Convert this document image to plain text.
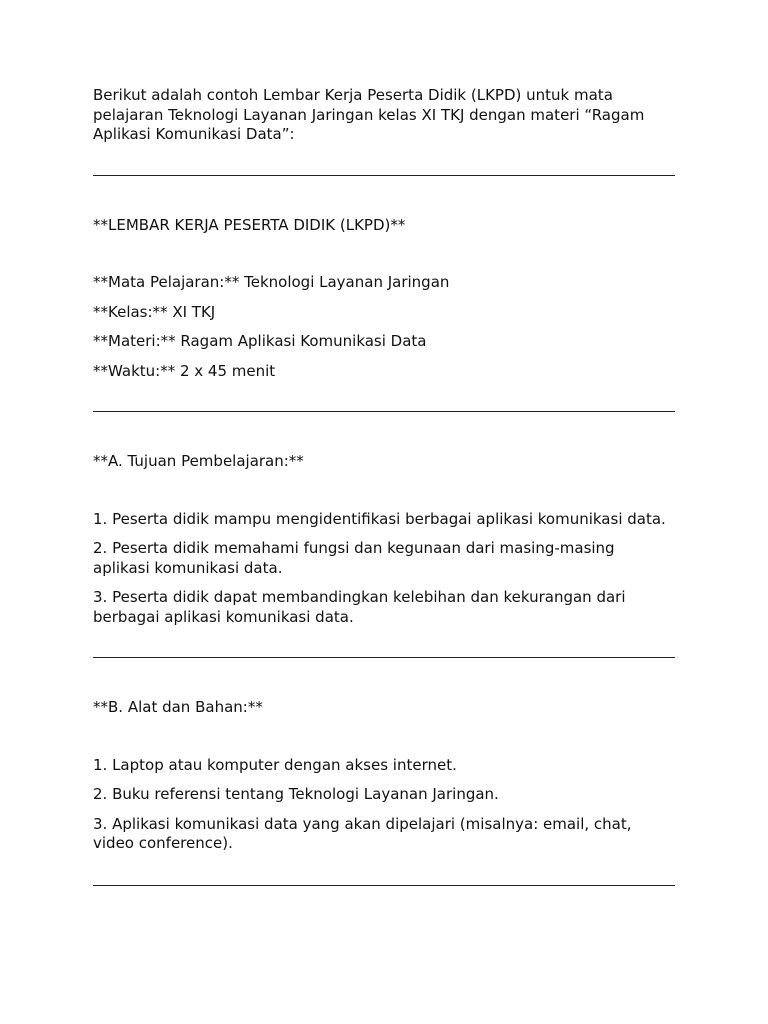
Berikut adalah contoh Lembar Kerja Peserta Didik (LKPD) untuk mata pelajaran Teknologi Layanan Jaringan kelas XI TKJ dengan materi “Ragam Aplikasi Komunikasi Data”:

**LEMBAR KERJA PESERTA DIDIK (LKPD)**

**Mata Pelajaran:** Teknologi Layanan Jaringan

**Kelas:** XI TKJ

**Materi:** Ragam Aplikasi Komunikasi Data

**Waktu:** 2 x 45 menit

**A. Tujuan Pembelajaran:**

1. Peserta didik mampu mengidentifikasi berbagai aplikasi komunikasi data.

2. Peserta didik memahami fungsi dan kegunaan dari masing-masing aplikasi komunikasi data.

3. Peserta didik dapat membandingkan kelebihan dan kekurangan dari berbagai aplikasi komunikasi data.

**B. Alat dan Bahan:**

1. Laptop atau komputer dengan akses internet.

2. Buku referensi tentang Teknologi Layanan Jaringan.

3. Aplikasi komunikasi data yang akan dipelajari (misalnya: email, chat, video conference).
